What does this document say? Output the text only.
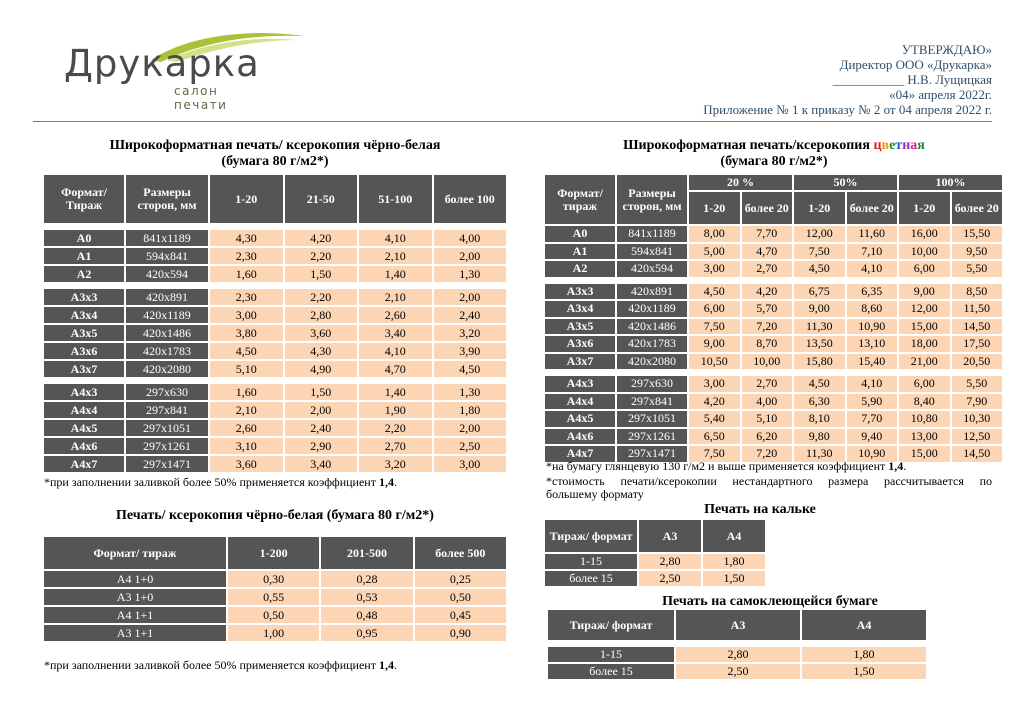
Друкарка
салон печати
УТВЕРЖДАЮ»
Директор ООО «Друкарка»
___________ Н.В. Лущицкая
«04» апреля 2022г.
Приложение № 1 к приказу № 2 от 04 апреля 2022 г.
Широкоформатная печать/ ксерокопия чёрно-белая
(бумага 80 г/м2*)
Формат/ Тираж	Размеры сторон, мм	1-20	21-50	51-100	более 100

А0	841х1189	4,30	4,20	4,10	4,00
А1	594х841	2,30	2,20	2,10	2,00
А2	420х594	1,60	1,50	1,40	1,30

А3х3	420х891	2,30	2,20	2,10	2,00
А3х4	420х1189	3,00	2,80	2,60	2,40
А3х5	420х1486	3,80	3,60	3,40	3,20
А3х6	420х1783	4,50	4,30	4,10	3,90
А3х7	420х2080	5,10	4,90	4,70	4,50

А4х3	297х630	1,60	1,50	1,40	1,30
А4х4	297х841	2,10	2,00	1,90	1,80
А4х5	297х1051	2,60	2,40	2,20	2,00
А4х6	297х1261	3,10	2,90	2,70	2,50
А4х7	297х1471	3,60	3,40	3,20	3,00
*при заполнении заливкой более 50% применяется коэффициент 1,4.
Печать/ ксерокопия чёрно-белая (бумага 80 г/м2*)
Формат/ тираж	1-200	201-500	более 500
А4 1+0	0,30	0,28	0,25
А3 1+0	0,55	0,53	0,50
А4 1+1	0,50	0,48	0,45
А3 1+1	1,00	0,95	0,90
*при заполнении заливкой более 50% применяется коэффициент 1,4.
Широкоформатная печать/ксерокопия цветная
(бумага 80 г/м2*)
Формат/ тираж	Размеры сторон, мм	20 %		50%		100%	
		1-20	более 20	1-20	более 20	1-20	более 20
А0	841х1189	8,00	7,70	12,00	11,60	16,00	15,50
А1	594х841	5,00	4,70	7,50	7,10	10,00	9,50
А2	420х594	3,00	2,70	4,50	4,10	6,00	5,50

А3х3	420х891	4,50	4,20	6,75	6,35	9,00	8,50
А3х4	420х1189	6,00	5,70	9,00	8,60	12,00	11,50
А3х5	420х1486	7,50	7,20	11,30	10,90	15,00	14,50
А3х6	420х1783	9,00	8,70	13,50	13,10	18,00	17,50
А3х7	420х2080	10,50	10,00	15,80	15,40	21,00	20,50

А4х3	297х630	3,00	2,70	4,50	4,10	6,00	5,50
А4х4	297х841	4,20	4,00	6,30	5,90	8,40	7,90
А4х5	297х1051	5,40	5,10	8,10	7,70	10,80	10,30
А4х6	297х1261	6,50	6,20	9,80	9,40	13,00	12,50
А4х7	297х1471	7,50	7,20	11,30	10,90	15,00	14,50
*на бумагу глянцевую 130 г/м2 и выше применяется коэффициент 1,4.
*стоимость печати/ксерокопии нестандартного размера рассчитывается по
большему формату
Печать на кальке
Тираж/ формат	А3	А4
1-15	2,80	1,80
более 15	2,50	1,50
Печать на самоклеющейся бумаге
Тираж/ формат	А3	А4

1-15	2,80	1,80
более 15	2,50	1,50
